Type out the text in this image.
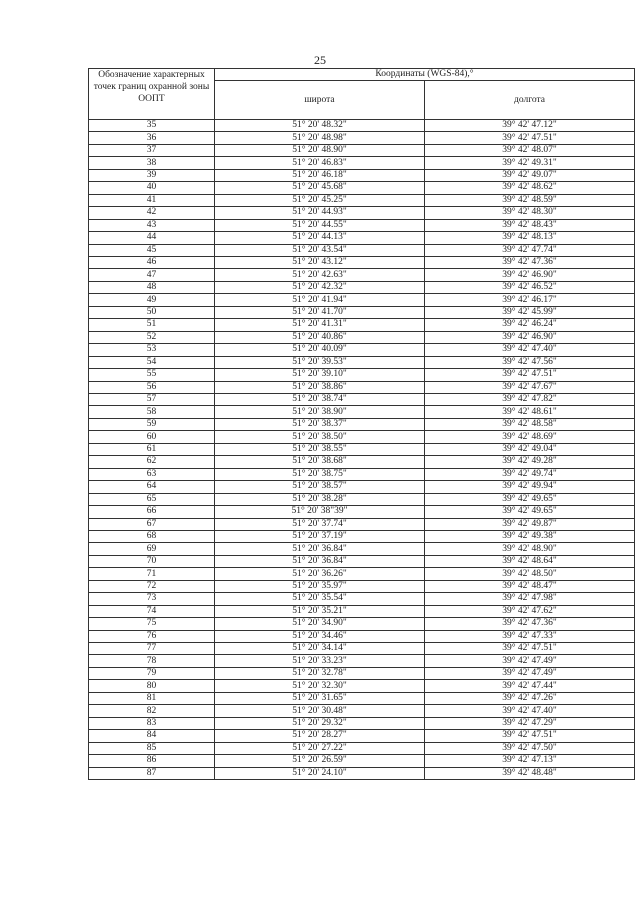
25
Обозначение характерных точек границ охранной зоны ООПТ	Координаты (WGS-84),°	
	широта	долгота
35	51° 20' 48.32"	39° 42' 47.12"
36	51° 20' 48.98"	39° 42' 47.51"
37	51° 20' 48.90"	39° 42' 48.07"
38	51° 20' 46.83"	39° 42' 49.31"
39	51° 20' 46.18"	39° 42' 49.07"
40	51° 20' 45.68"	39° 42' 48.62"
41	51° 20' 45.25"	39° 42' 48.59"
42	51° 20' 44.93"	39° 42' 48.30"
43	51° 20' 44.55"	39° 42' 48.43"
44	51° 20' 44.13"	39° 42' 48.13"
45	51° 20' 43.54"	39° 42' 47.74"
46	51° 20' 43.12"	39° 42' 47.36"
47	51° 20' 42.63"	39° 42' 46.90"
48	51° 20' 42.32"	39° 42' 46.52"
49	51° 20' 41.94"	39° 42' 46.17"
50	51° 20' 41.70"	39° 42' 45.99"
51	51° 20' 41.31"	39° 42' 46.24"
52	51° 20' 40.86"	39° 42' 46.90"
53	51° 20' 40.09"	39° 42' 47.40"
54	51° 20' 39.53"	39° 42' 47.56"
55	51° 20' 39.10"	39° 42' 47.51"
56	51° 20' 38.86"	39° 42' 47.67"
57	51° 20' 38.74"	39° 42' 47.82"
58	51° 20' 38.90"	39° 42' 48.61"
59	51° 20' 38.37"	39° 42' 48.58"
60	51° 20' 38.50"	39° 42' 48.69"
61	51° 20' 38.55"	39° 42' 49.04"
62	51° 20' 38.68"	39° 42' 49.28"
63	51° 20' 38.75"	39° 42' 49.74"
64	51° 20' 38.57"	39° 42' 49.94"
65	51° 20' 38.28"	39° 42' 49.65"
66	51° 20' 38"39"	39° 42' 49.65"
67	51° 20' 37.74"	39° 42' 49.87"
68	51° 20' 37.19"	39° 42' 49.38"
69	51° 20' 36.84"	39° 42' 48.90"
70	51° 20' 36.84"	39° 42' 48.64"
71	51° 20' 36.26"	39° 42' 48.50"
72	51° 20' 35.97"	39° 42' 48.47"
73	51° 20' 35.54"	39° 42' 47.98"
74	51° 20' 35.21"	39° 42' 47.62"
75	51° 20' 34.90"	39° 42' 47.36"
76	51° 20' 34.46"	39° 42' 47.33"
77	51° 20' 34.14"	39° 42' 47.51"
78	51° 20' 33.23"	39° 42' 47.49"
79	51° 20' 32.78"	39° 42' 47.49"
80	51° 20' 32.30"	39° 42' 47.44"
81	51° 20' 31.65"	39° 42' 47.26"
82	51° 20' 30.48"	39° 42' 47.40"
83	51° 20' 29.32"	39° 42' 47.29"
84	51° 20' 28.27"	39° 42' 47.51"
85	51° 20' 27.22"	39° 42' 47.50"
86	51° 20' 26.59"	39° 42' 47.13"
87	51° 20' 24.10"	39° 42' 48.48"
